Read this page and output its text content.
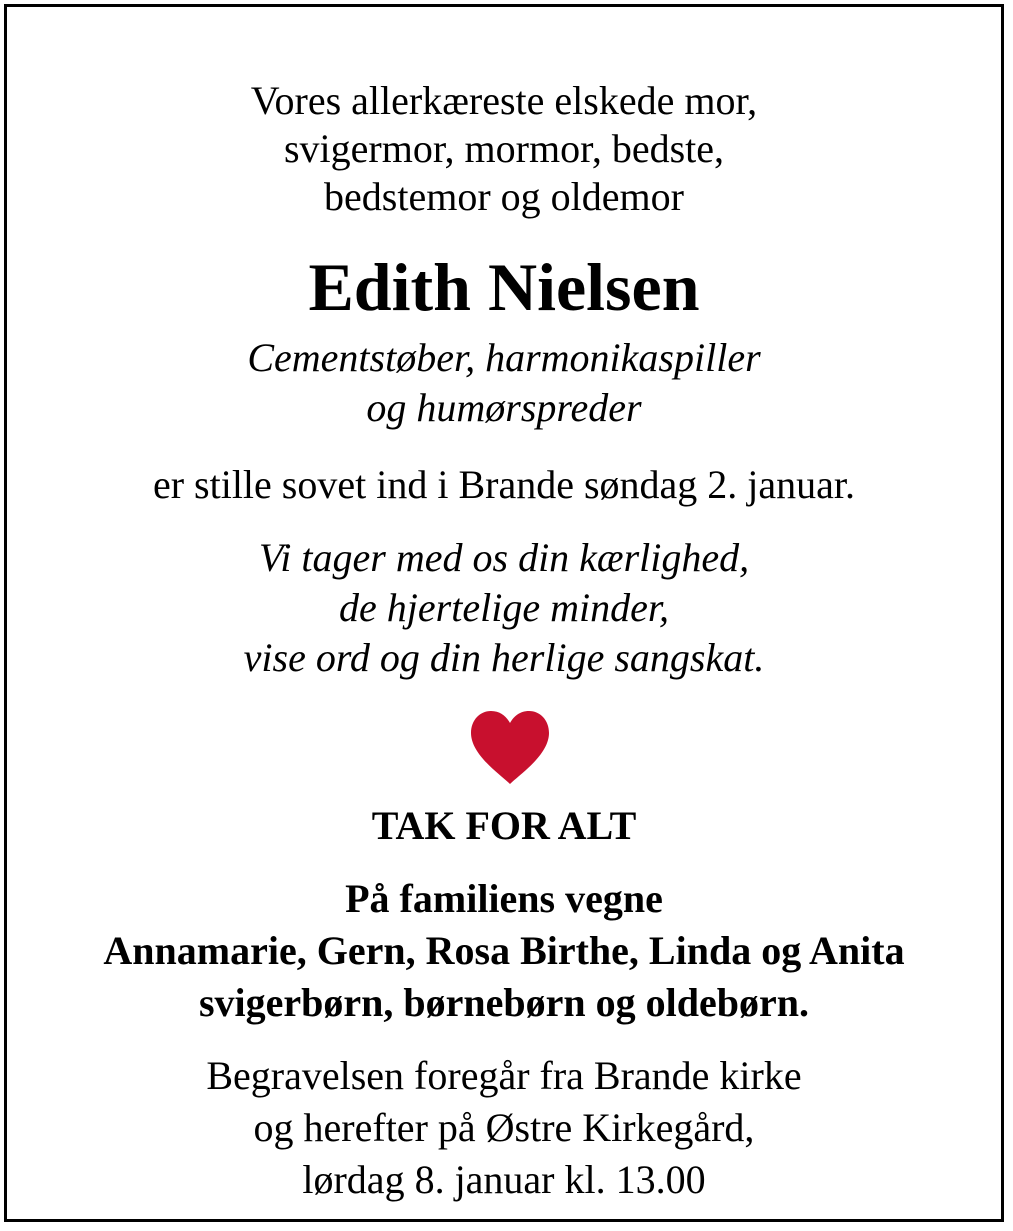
Vores allerkæreste elskede mor,
svigermor, mormor, bedste,
bedstemor og oldemor
Edith Nielsen
Cementstøber, harmonikaspiller
og humørspreder
er stille sovet ind i Brande søndag 2. januar.
Vi tager med os din kærlighed,
de hjertelige minder,
vise ord og din herlige sangskat.
TAK FOR ALT
På familiens vegne
Annamarie, Gern, Rosa Birthe, Linda og Anita
svigerbørn, børnebørn og oldebørn.
Begravelsen foregår fra Brande kirke
og herefter på Østre Kirkegård,
lørdag 8. januar kl. 13.00
